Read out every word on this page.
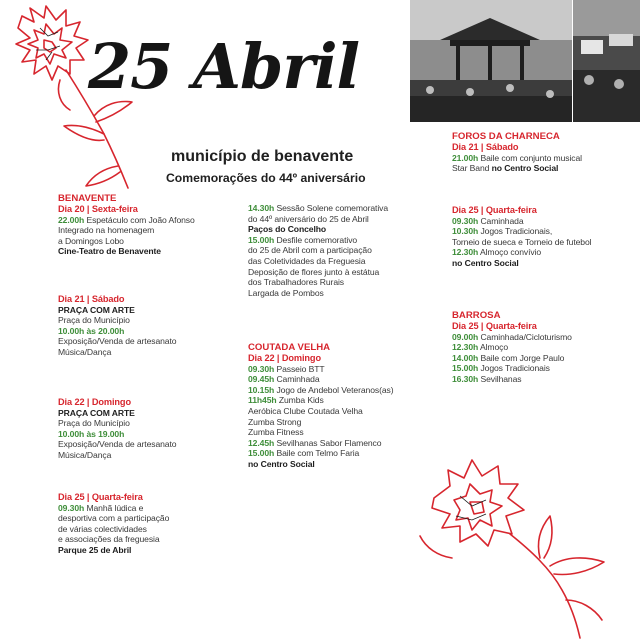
25 Abril
município de benavente
Comemorações do 44º aniversário
BENAVENTE
Dia 20 | Sexta-feira
22.00h Espetáculo com João Afonso
Integrado na homenagem
a Domingos Lobo
Cine-Teatro de Benavente
Dia 21 | Sábado
PRAÇA COM ARTE
Praça do Município
10.00h às 20.00h
Exposição/Venda de artesanato
Música/Dança
Dia 22 | Domingo
PRAÇA COM ARTE
Praça do Município
10.00h às 19.00h
Exposição/Venda de artesanato
Música/Dança
Dia 25 | Quarta-feira
09.30h Manhã lúdica e
desportiva com a participação
de várias colectividades
e associações da freguesia
Parque 25 de Abril
14.30h Sessão Solene comemorativa
do 44º aniversário do 25 de Abril
Paços do Concelho
15.00h Desfile comemorativo
do 25 de Abril com a participação
das Coletividades da Freguesia
Deposição de flores junto à estátua
dos Trabalhadores Rurais
Largada de Pombos
COUTADA VELHA
Dia 22 | Domingo
09.30h Passeio BTT
09.45h Caminhada
10.15h Jogo de Andebol Veteranos(as)
11h45h Zumba Kids
Aeróbica Clube Coutada Velha
Zumba Strong
Zumba Fitness
12.45h Sevilhanas Sabor Flamenco
15.00h Baile com Telmo Faria
no Centro Social
FOROS DA CHARNECA
Dia 21 | Sábado
21.00h Baile com conjunto musical
Star Band no Centro Social
Dia 25 | Quarta-feira
09.30h Caminhada
10.30h Jogos Tradicionais,
Torneio de sueca e Torneio de futebol
12.30h Almoço convívio
no Centro Social
BARROSA
Dia 25 | Quarta-feira
09.00h Caminhada/Cicloturismo
12.30h Almoço
14.00h Baile com Jorge Paulo
15.00h Jogos Tradicionais
16.30h Sevilhanas
